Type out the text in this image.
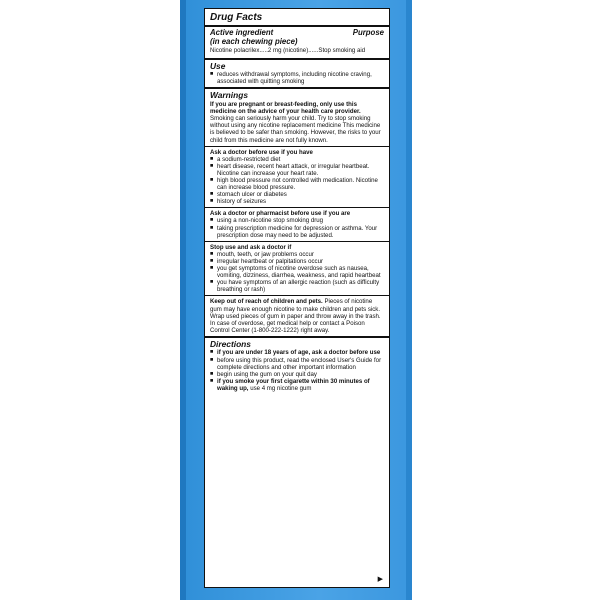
Drug Facts
Active ingredient
(in each chewing piece)
Purpose
Nicotine polacrilex.....2 mg (nicotine)......Stop smoking aid
Use
■ reduces withdrawal symptoms, including nicotine craving, associated with quitting smoking
Warnings
If you are pregnant or breast-feeding, only use this medicine on the advice of your health care provider.
Smoking can seriously harm your child. Try to stop smoking without using any nicotine replacement medicine This medicine is believed to be safer than smoking. However, the risks to your child from this medicine are not fully known.
Ask a doctor before use if you have
■ a sodium-restricted diet
■ heart disease, recent heart attack, or irregular heartbeat. Nicotine can increase your heart rate.
■ high blood pressure not controlled with medication. Nicotine can increase blood pressure.
■ stomach ulcer or diabetes
■ history of seizures
Ask a doctor or pharmacist before use if you are
■ using a non-nicotine stop smoking drug
■ taking prescription medicine for depression or asthma. Your prescription dose may need to be adjusted.
Stop use and ask a doctor if
■ mouth, teeth, or jaw problems occur
■ irregular heartbeat or palpitations occur
■ you get symptoms of nicotine overdose such as nausea, vomiting, dizziness, diarrhea, weakness, and rapid heartbeat
■ you have symptoms of an allergic reaction (such as difficulty breathing or rash)
Keep out of reach of children and pets. Pieces of nicotine gum may have enough nicotine to make children and pets sick. Wrap used pieces of gum in paper and throw away in the trash. In case of overdose, get medical help or contact a Poison Control Center (1-800-222-1222) right away.
Directions
■ if you are under 18 years of age, ask a doctor before use
■ before using this product, read the enclosed User's Guide for complete directions and other important information
■ begin using the gum on your quit day
■ if you smoke your first cigarette within 30 minutes of waking up, use 4 mg nicotine gum
▶
